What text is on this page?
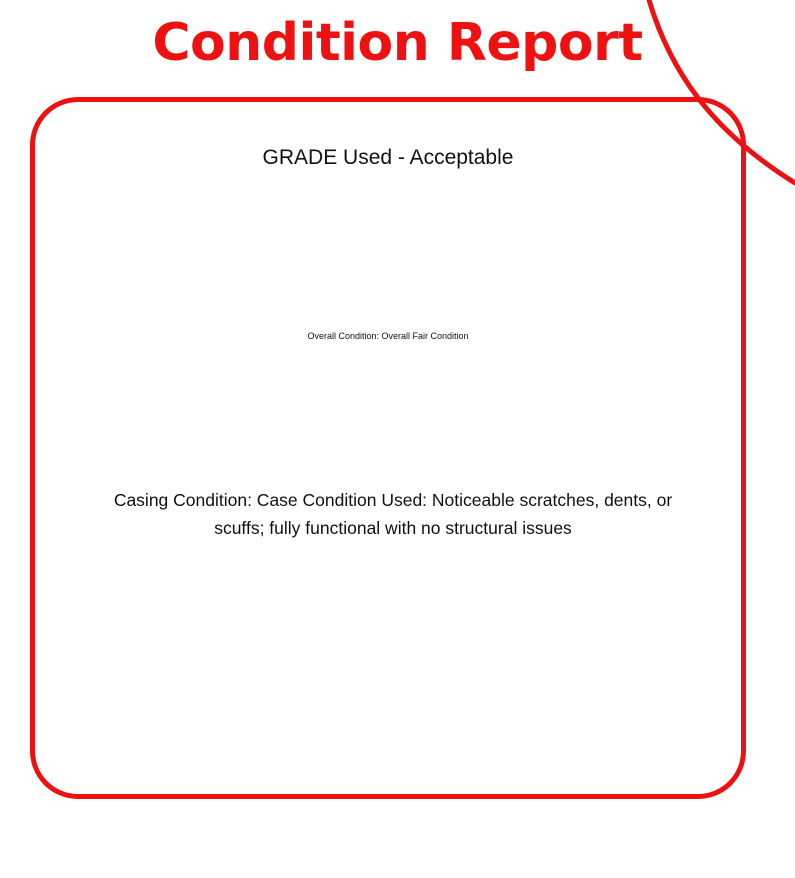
Condition Report
GRADE Used - Acceptable
Overall Condition: Overall Fair Condition
Casing Condition: Case Condition Used: Noticeable scratches, dents, or scuffs; fully functional with no structural issues
